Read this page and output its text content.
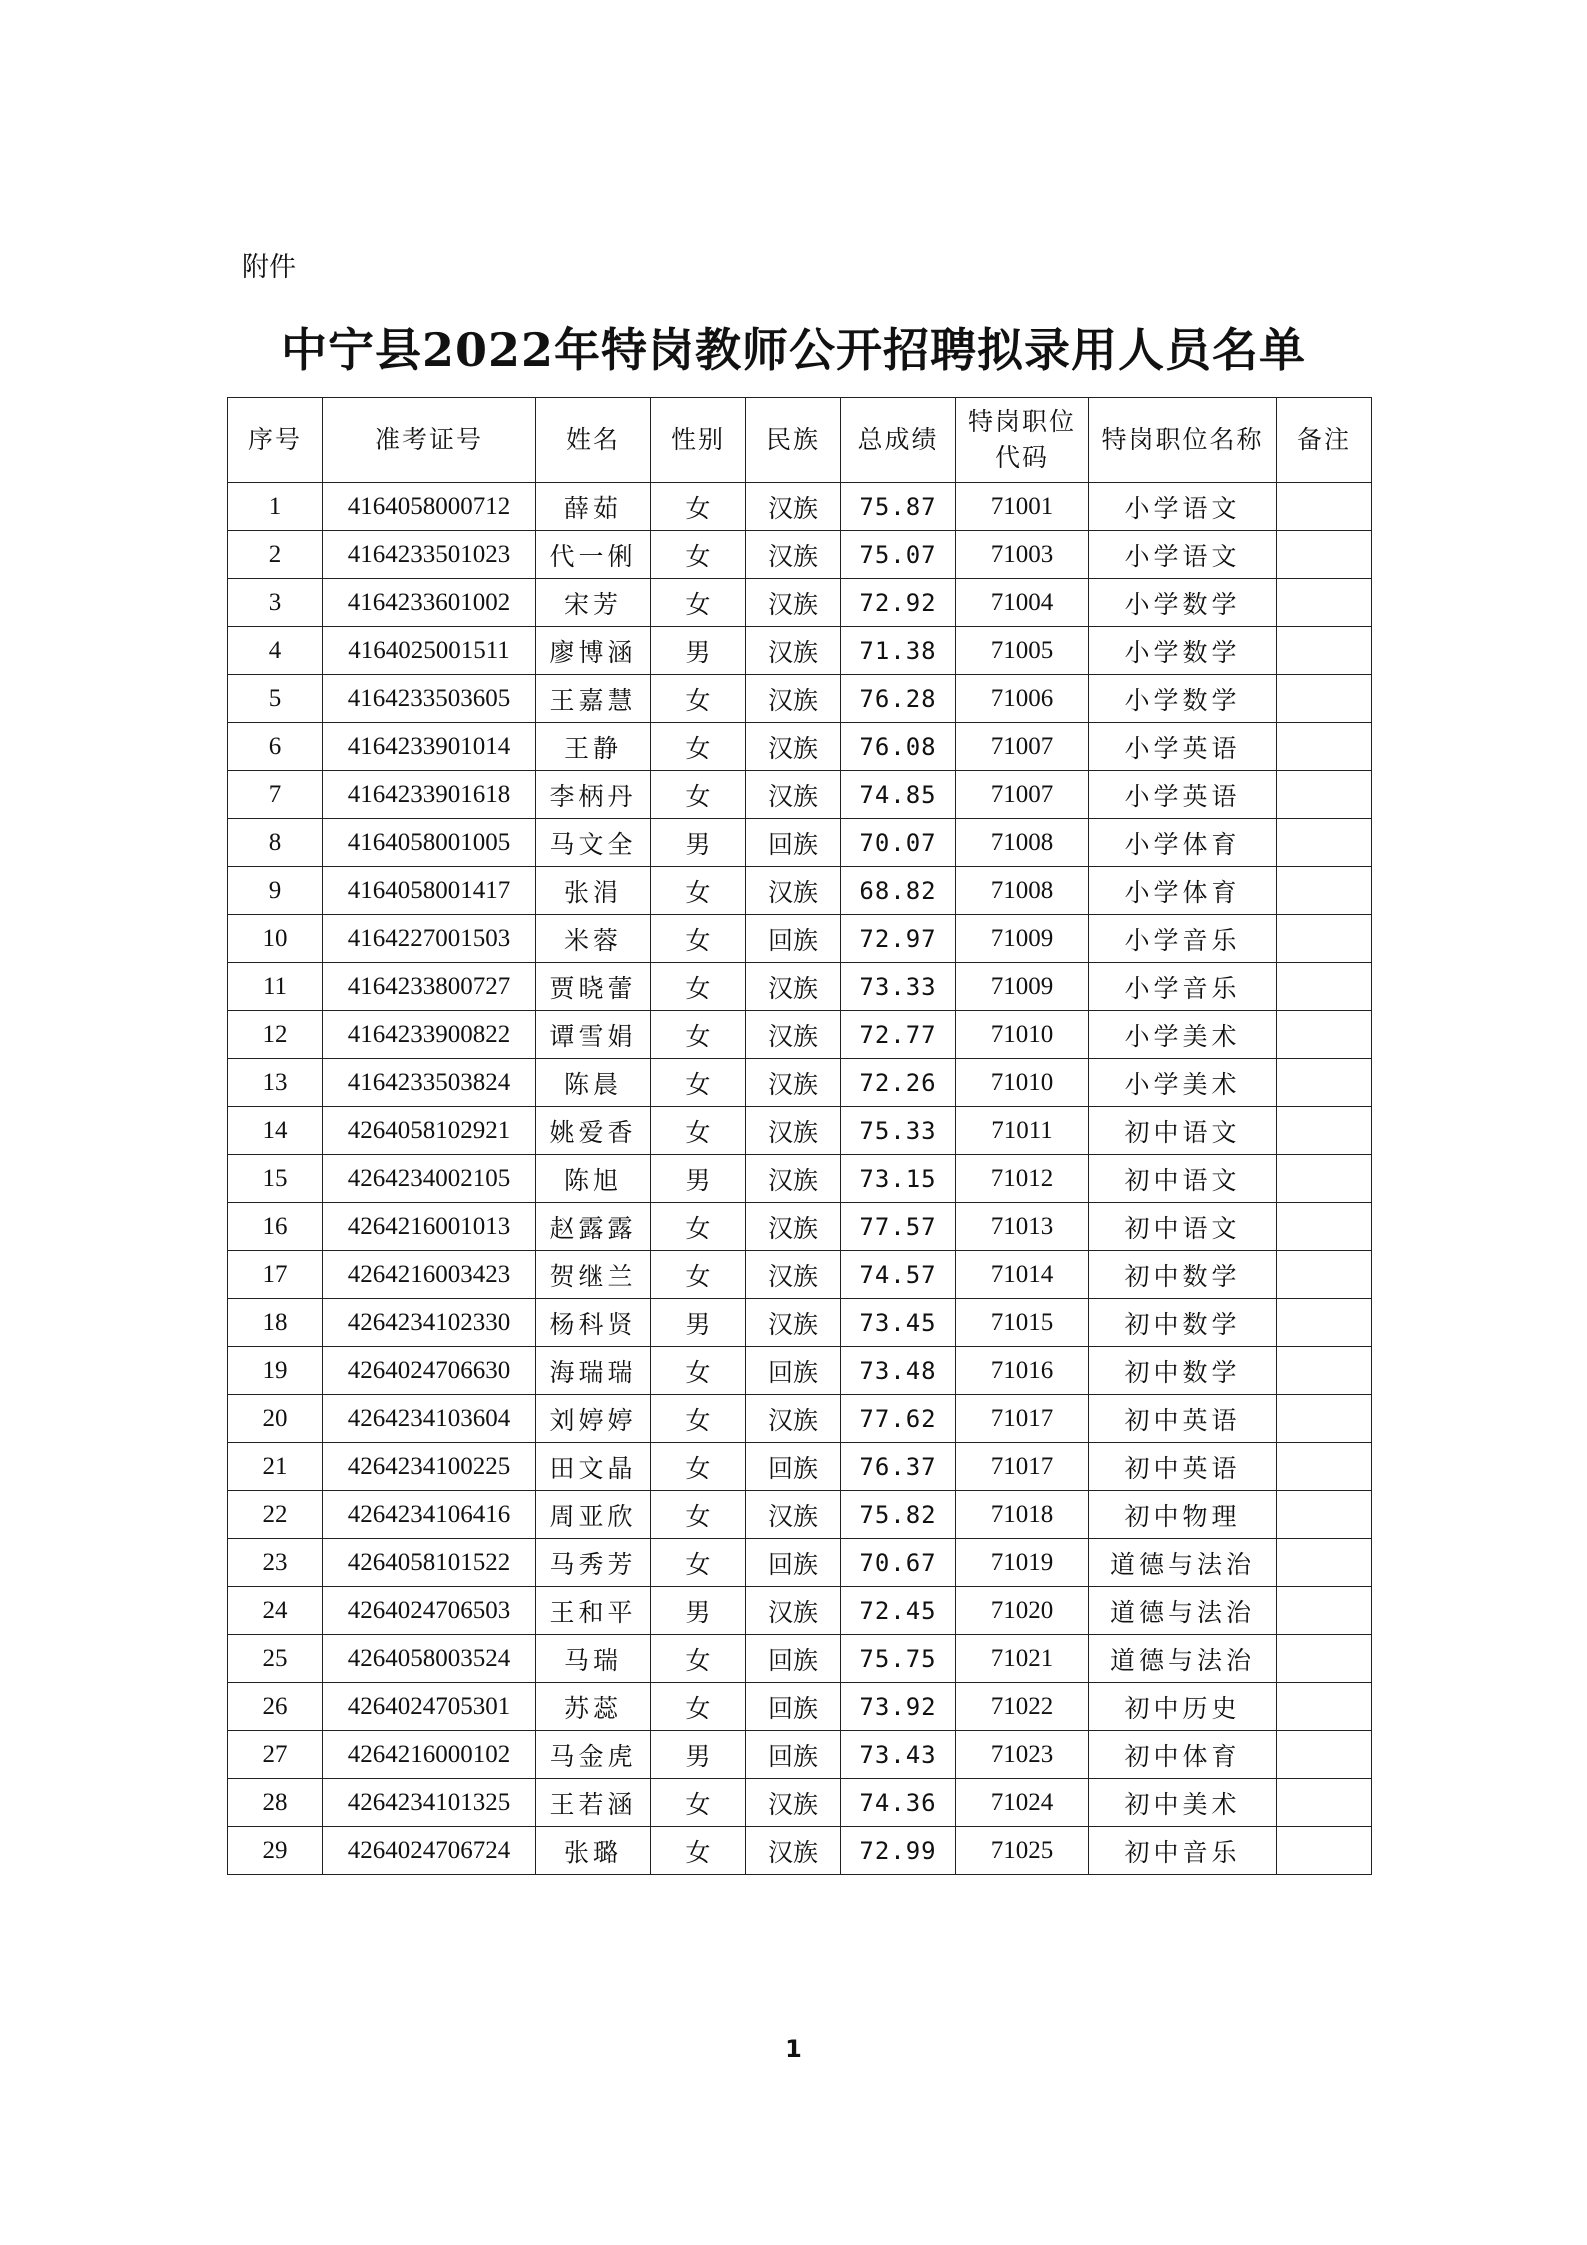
附件
中宁县2022年特岗教师公开招聘拟录用人员名单
序号	准考证号	姓名	性别	民族	总成绩	特岗职位代码	特岗职位名称	备注
1	4164058000712	薛茹	女	汉族	75.87	71001	小学语文	
2	4164233501023	代一俐	女	汉族	75.07	71003	小学语文	
3	4164233601002	宋芳	女	汉族	72.92	71004	小学数学	
4	4164025001511	廖博涵	男	汉族	71.38	71005	小学数学	
5	4164233503605	王嘉慧	女	汉族	76.28	71006	小学数学	
6	4164233901014	王静	女	汉族	76.08	71007	小学英语	
7	4164233901618	李柄丹	女	汉族	74.85	71007	小学英语	
8	4164058001005	马文全	男	回族	70.07	71008	小学体育	
9	4164058001417	张涓	女	汉族	68.82	71008	小学体育	
10	4164227001503	米蓉	女	回族	72.97	71009	小学音乐	
11	4164233800727	贾晓蕾	女	汉族	73.33	71009	小学音乐	
12	4164233900822	谭雪娟	女	汉族	72.77	71010	小学美术	
13	4164233503824	陈晨	女	汉族	72.26	71010	小学美术	
14	4264058102921	姚爱香	女	汉族	75.33	71011	初中语文	
15	4264234002105	陈旭	男	汉族	73.15	71012	初中语文	
16	4264216001013	赵露露	女	汉族	77.57	71013	初中语文	
17	4264216003423	贺继兰	女	汉族	74.57	71014	初中数学	
18	4264234102330	杨科贤	男	汉族	73.45	71015	初中数学	
19	4264024706630	海瑞瑞	女	回族	73.48	71016	初中数学	
20	4264234103604	刘婷婷	女	汉族	77.62	71017	初中英语	
21	4264234100225	田文晶	女	回族	76.37	71017	初中英语	
22	4264234106416	周亚欣	女	汉族	75.82	71018	初中物理	
23	4264058101522	马秀芳	女	回族	70.67	71019	道德与法治	
24	4264024706503	王和平	男	汉族	72.45	71020	道德与法治	
25	4264058003524	马瑞	女	回族	75.75	71021	道德与法治	
26	4264024705301	苏蕊	女	回族	73.92	71022	初中历史	
27	4264216000102	马金虎	男	回族	73.43	71023	初中体育	
28	4264234101325	王若涵	女	汉族	74.36	71024	初中美术	
29	4264024706724	张璐	女	汉族	72.99	71025	初中音乐	
1
